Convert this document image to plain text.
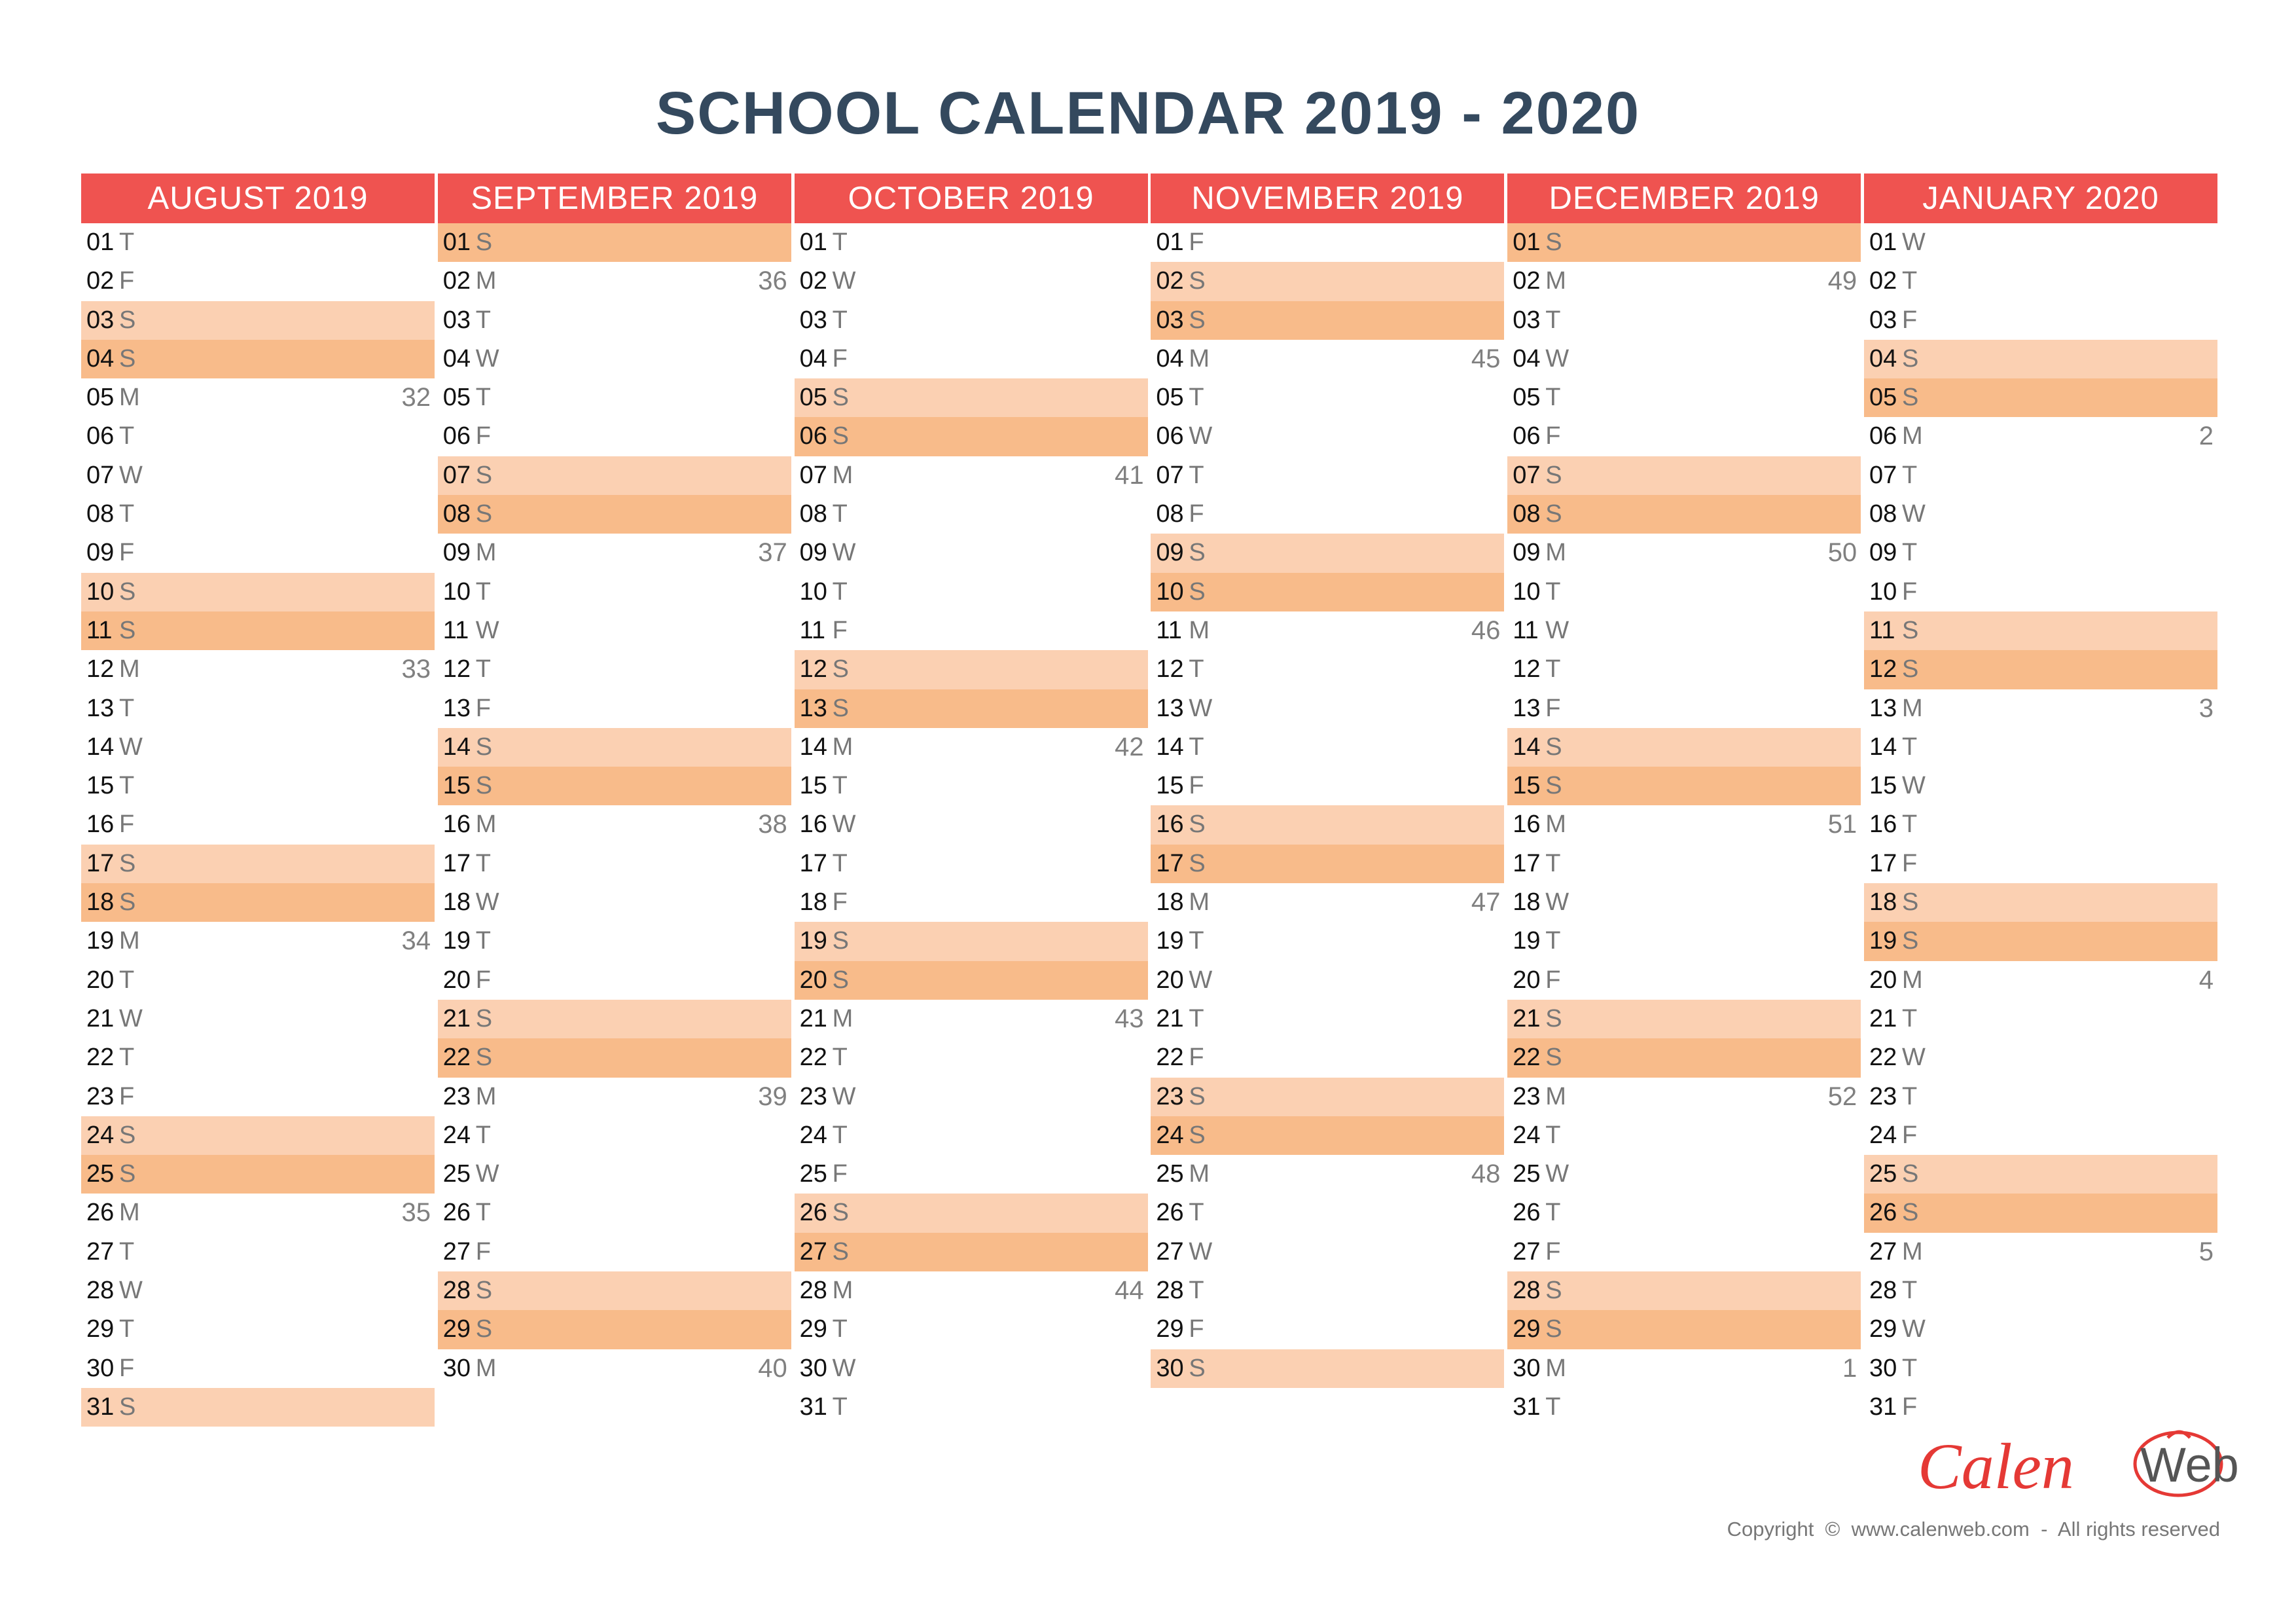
SCHOOL CALENDAR 2019 - 2020
AUGUST 2019
01 T
02 F
03 S
04 S
05 M	32
06 T
07 W
08 T
09 F
10 S
11 S
12 M	33
13 T
14 W
15 T
16 F
17 S
18 S
19 M	34
20 T
21 W
22 T
23 F
24 S
25 S
26 M	35
27 T
28 W
29 T
30 F
31 S
SEPTEMBER 2019
01 S
02 M	36
03 T
04 W
05 T
06 F
07 S
08 S
09 M	37
10 T
11 W
12 T
13 F
14 S
15 S
16 M	38
17 T
18 W
19 T
20 F
21 S
22 S
23 M	39
24 T
25 W
26 T
27 F
28 S
29 S
30 M	40
OCTOBER 2019
01 T
02 W
03 T
04 F
05 S
06 S
07 M	41
08 T
09 W
10 T
11 F
12 S
13 S
14 M	42
15 T
16 W
17 T
18 F
19 S
20 S
21 M	43
22 T
23 W
24 T
25 F
26 S
27 S
28 M	44
29 T
30 W
31 T
NOVEMBER 2019
01 F
02 S
03 S
04 M	45
05 T
06 W
07 T
08 F
09 S
10 S
11 M	46
12 T
13 W
14 T
15 F
16 S
17 S
18 M	47
19 T
20 W
21 T
22 F
23 S
24 S
25 M	48
26 T
27 W
28 T
29 F
30 S
DECEMBER 2019
01 S
02 M	49
03 T
04 W
05 T
06 F
07 S
08 S
09 M	50
10 T
11 W
12 T
13 F
14 S
15 S
16 M	51
17 T
18 W
19 T
20 F
21 S
22 S
23 M	52
24 T
25 W
26 T
27 F
28 S
29 S
30 M	1
31 T
JANUARY 2020
01 W
02 T
03 F
04 S
05 S
06 M	2
07 T
08 W
09 T
10 F
11 S
12 S
13 M	3
14 T
15 W
16 T
17 F
18 S
19 S
20 M	4
21 T
22 W
23 T
24 F
25 S
26 S
27 M	5
28 T
29 W
30 T
31 F
Calen Web
Copyright  ©  www.calenweb.com  -  All rights reserved
